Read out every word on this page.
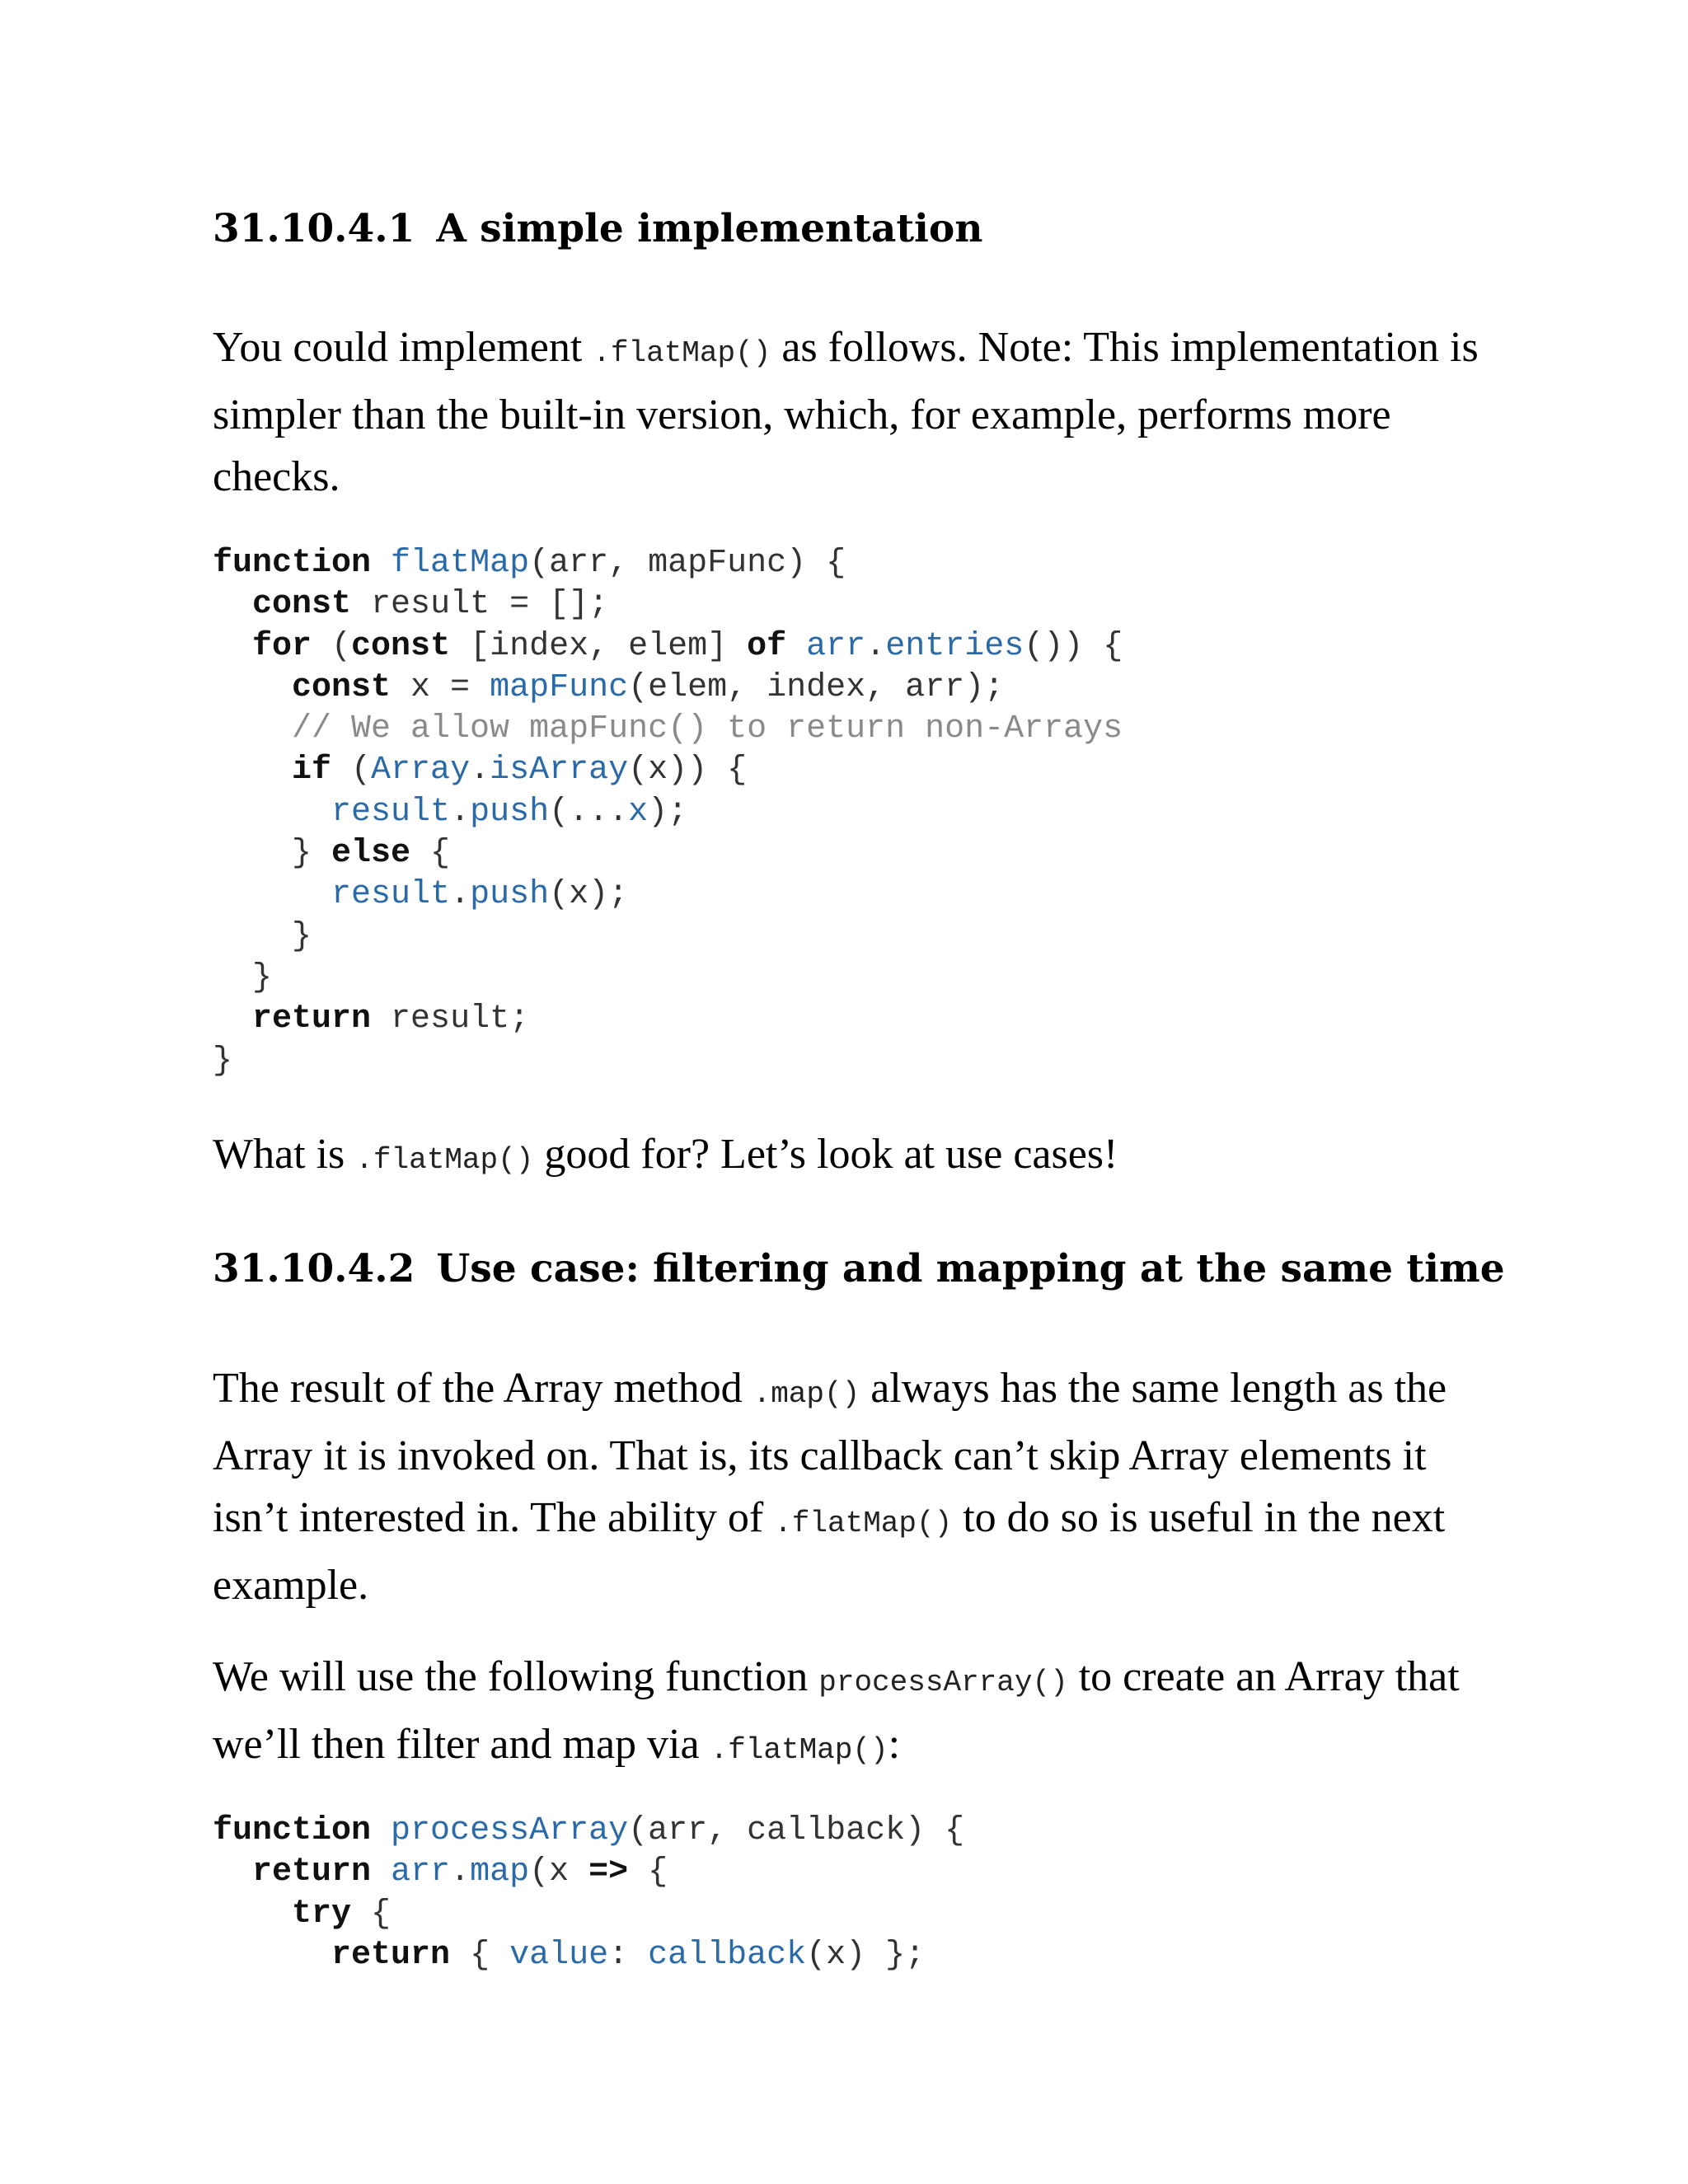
31.10.4.1 A simple implementation

You could implement .flatMap() as follows. Note: This implementation is simpler than the built-in version, which, for example, performs more checks.

function flatMap(arr, mapFunc) {
const result = [];
for (const [index, elem] of arr.entries()) {
const x = mapFunc(elem, index, arr);
// We allow mapFunc() to return non-Arrays
if (Array.isArray(x)) {
result.push(...x);
} else {
result.push(x);
}
}
return result;
}

What is .flatMap() good for? Let’s look at use cases!

31.10.4.2 Use case: filtering and mapping at the same time

The result of the Array method .map() always has the same length as the Array it is invoked on. That is, its callback can’t skip Array elements it isn’t interested in. The ability of .flatMap() to do so is useful in the next example.

We will use the following function processArray() to create an Array that we’ll then filter and map via .flatMap():

function processArray(arr, callback) {
return arr.map(x => {
try {
return { value: callback(x) };
